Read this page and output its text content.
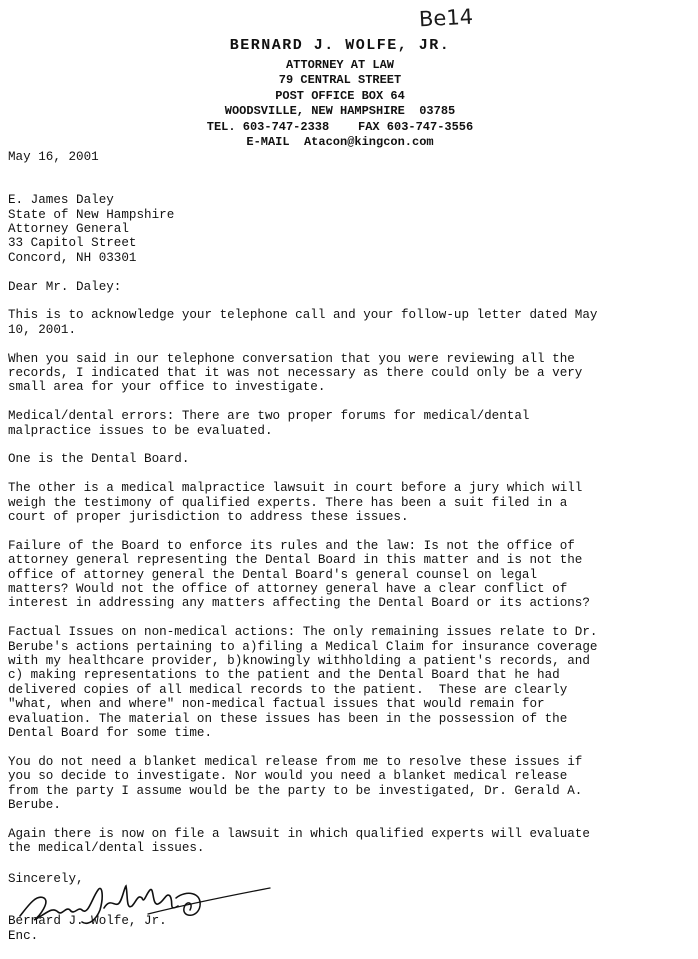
Be14
BERNARD J. WOLFE, JR.
ATTORNEY AT LAW
79 CENTRAL STREET
POST OFFICE BOX 64
WOODSVILLE, NEW HAMPSHIRE  03785
TEL. 603-747-2338    FAX 603-747-3556
E-MAIL  Atacon@kingcon.com
May 16, 2001
E. James Daley
State of New Hampshire
Attorney General
33 Capitol Street
Concord, NH 03301
Dear Mr. Daley:
This is to acknowledge your telephone call and your follow-up letter dated May
10, 2001.
When you said in our telephone conversation that you were reviewing all the
records, I indicated that it was not necessary as there could only be a very
small area for your office to investigate.
Medical/dental errors: There are two proper forums for medical/dental
malpractice issues to be evaluated.
One is the Dental Board.
The other is a medical malpractice lawsuit in court before a jury which will
weigh the testimony of qualified experts. There has been a suit filed in a
court of proper jurisdiction to address these issues.
Failure of the Board to enforce its rules and the law: Is not the office of
attorney general representing the Dental Board in this matter and is not the
office of attorney general the Dental Board's general counsel on legal
matters? Would not the office of attorney general have a clear conflict of
interest in addressing any matters affecting the Dental Board or its actions?
Factual Issues on non-medical actions: The only remaining issues relate to Dr.
Berube's actions pertaining to a)filing a Medical Claim for insurance coverage
with my healthcare provider, b)knowingly withholding a patient's records, and
c) making representations to the patient and the Dental Board that he had
delivered copies of all medical records to the patient.  These are clearly
"what, when and where" non-medical factual issues that would remain for
evaluation. The material on these issues has been in the possession of the
Dental Board for some time.
You do not need a blanket medical release from me to resolve these issues if
you so decide to investigate. Nor would you need a blanket medical release
from the party I assume would be the party to be investigated, Dr. Gerald A.
Berube.
Again there is now on file a lawsuit in which qualified experts will evaluate
the medical/dental issues.
Sincerely,
Bernard J. Wolfe, Jr.
Enc.
